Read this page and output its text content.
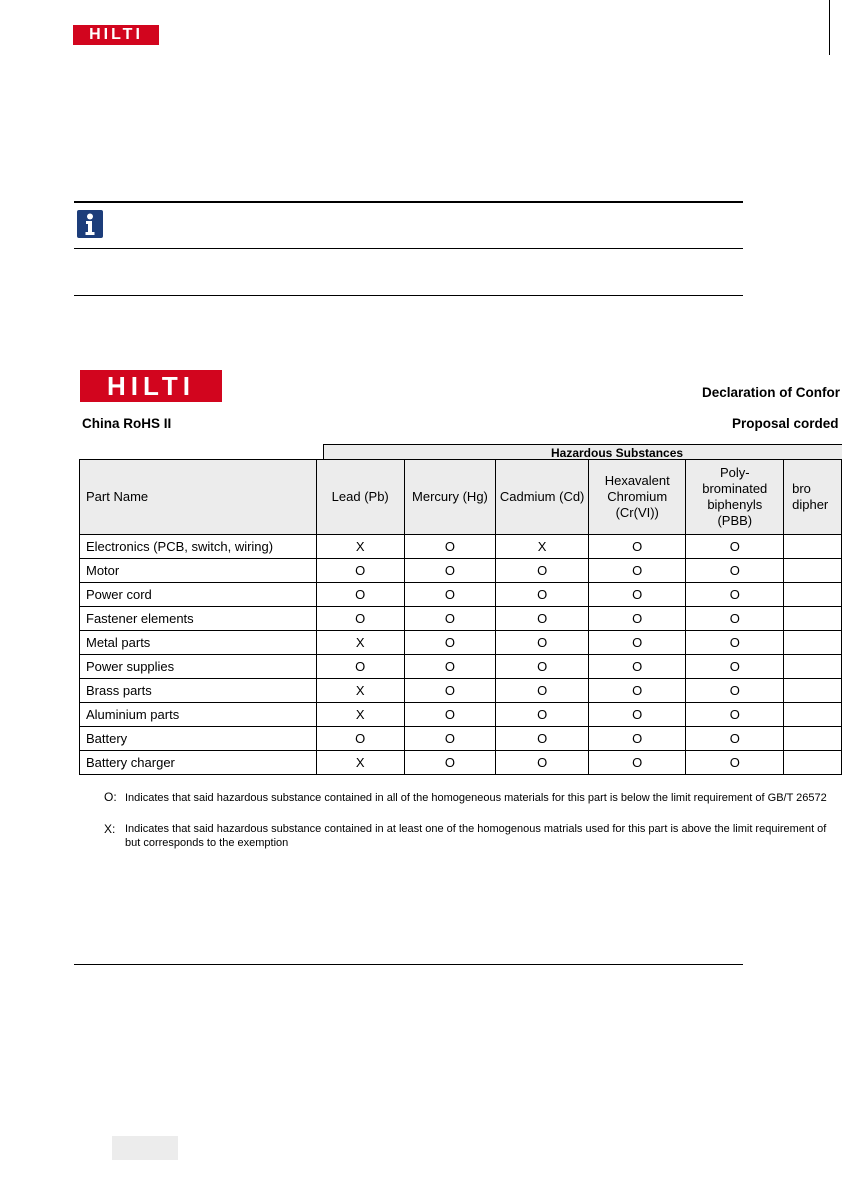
HILTI
HILTI	Declaration of Confor
China RoHS II	Proposal corded
Hazardous Substances
Part Name	Lead (Pb)	Mercury (Hg)	Cadmium (Cd)	Hexavalent Chromium (Cr(VI))	Poly-brominated biphenyls (PBB)	bro dipher
Electronics (PCB, switch, wiring)	X	O	X	O	O	
Motor	O	O	O	O	O	
Power cord	O	O	O	O	O	
Fastener elements	O	O	O	O	O	
Metal parts	X	O	O	O	O	
Power supplies	O	O	O	O	O	
Brass parts	X	O	O	O	O	
Aluminium parts	X	O	O	O	O	
Battery	O	O	O	O	O	
Battery charger	X	O	O	O	O	
O: Indicates that said hazardous substance contained in all of the homogeneous materials for this part is below the limit requirement of GB/T 26572
X: Indicates that said hazardous substance contained in at least one of the homogenous matrials used for this part is above the limit requirement of
but corresponds to the exemption
